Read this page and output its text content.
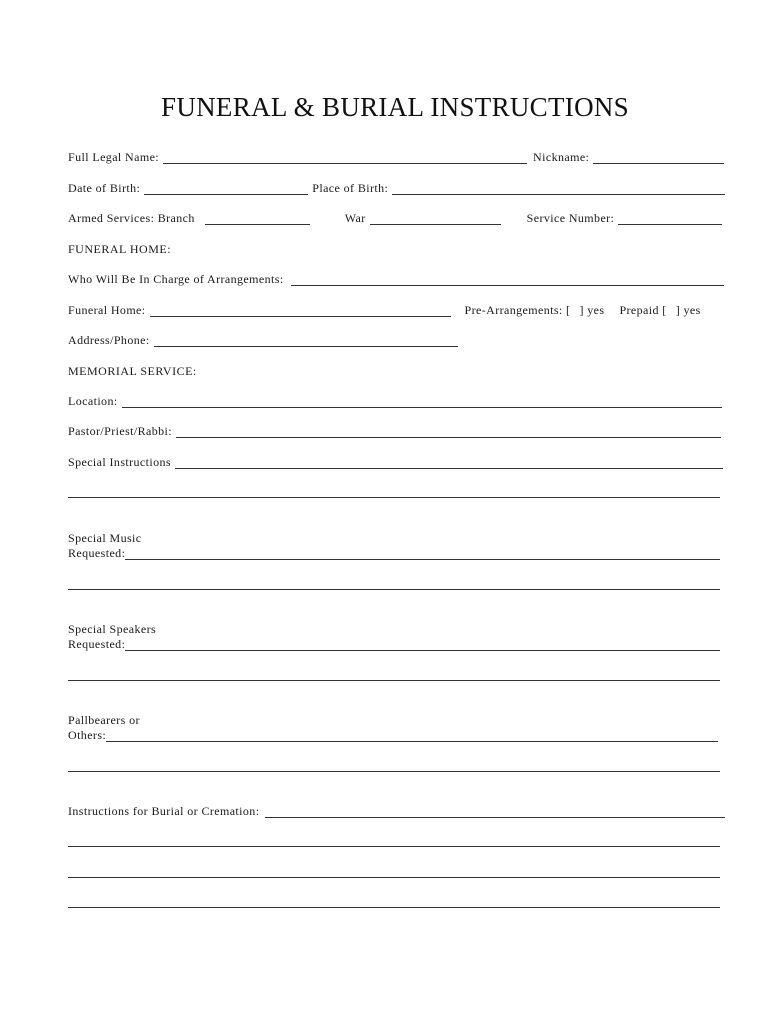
FUNERAL & BURIAL INSTRUCTIONS
Full Legal Name:	Nickname:
Date of Birth:	Place of Birth:
Armed Services: Branch	War	Service Number:
FUNERAL HOME:
Who Will Be In Charge of Arrangements:
Funeral Home:	Pre-Arrangements: [ ] yes Prepaid [ ] yes
Address/Phone:
MEMORIAL SERVICE:
Location:
Pastor/Priest/Rabbi:
Special Instructions
Special Music
Requested:
Special Speakers
Requested:
Pallbearers or
Others:
Instructions for Burial or Cremation:
